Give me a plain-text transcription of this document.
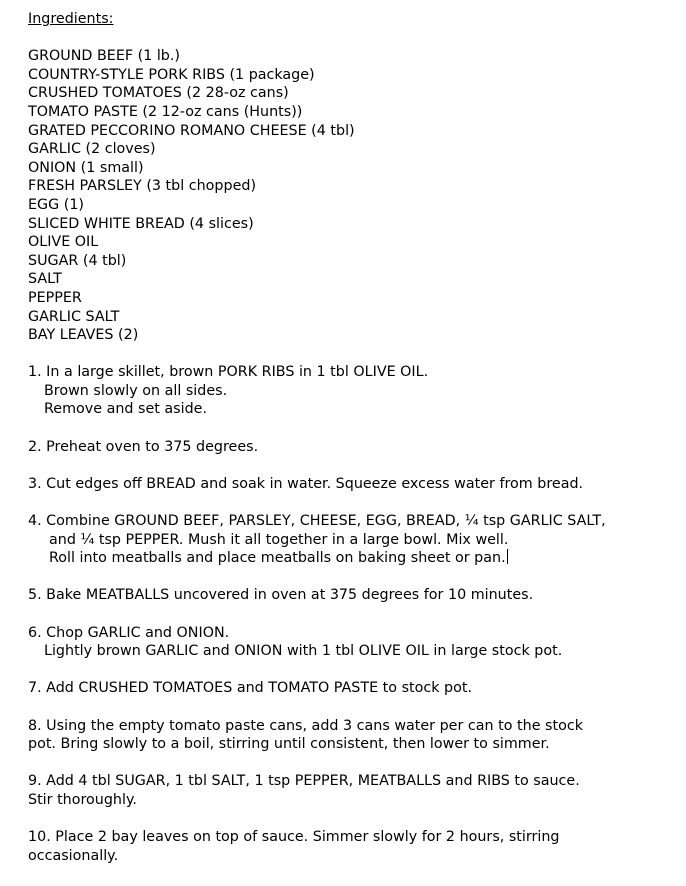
Ingredients:
GROUND BEEF (1 lb.)
COUNTRY-STYLE PORK RIBS (1 package)
CRUSHED TOMATOES (2 28-oz cans)
TOMATO PASTE (2 12-oz cans (Hunts))
GRATED PECCORINO ROMANO CHEESE (4 tbl)
GARLIC (2 cloves)
ONION (1 small)
FRESH PARSLEY (3 tbl chopped)
EGG (1)
SLICED WHITE BREAD (4 slices)
OLIVE OIL
SUGAR (4 tbl)
SALT
PEPPER
GARLIC SALT
BAY LEAVES (2)
1. In a large skillet, brown PORK RIBS in 1 tbl OLIVE OIL.
Brown slowly on all sides.
Remove and set aside.
2. Preheat oven to 375 degrees.
3. Cut edges off BREAD and soak in water. Squeeze excess water from bread.
4. Combine GROUND BEEF, PARSLEY, CHEESE, EGG, BREAD, ¼ tsp GARLIC SALT,
and ¼ tsp PEPPER. Mush it all together in a large bowl. Mix well.
Roll into meatballs and place meatballs on baking sheet or pan.
5. Bake MEATBALLS uncovered in oven at 375 degrees for 10 minutes.
6. Chop GARLIC and ONION.
Lightly brown GARLIC and ONION with 1 tbl OLIVE OIL in large stock pot.
7. Add CRUSHED TOMATOES and TOMATO PASTE to stock pot.
8. Using the empty tomato paste cans, add 3 cans water per can to the stock
pot. Bring slowly to a boil, stirring until consistent, then lower to simmer.
9. Add 4 tbl SUGAR, 1 tbl SALT, 1 tsp PEPPER, MEATBALLS and RIBS to sauce.
Stir thoroughly.
10. Place 2 bay leaves on top of sauce. Simmer slowly for 2 hours, stirring
occasionally.
